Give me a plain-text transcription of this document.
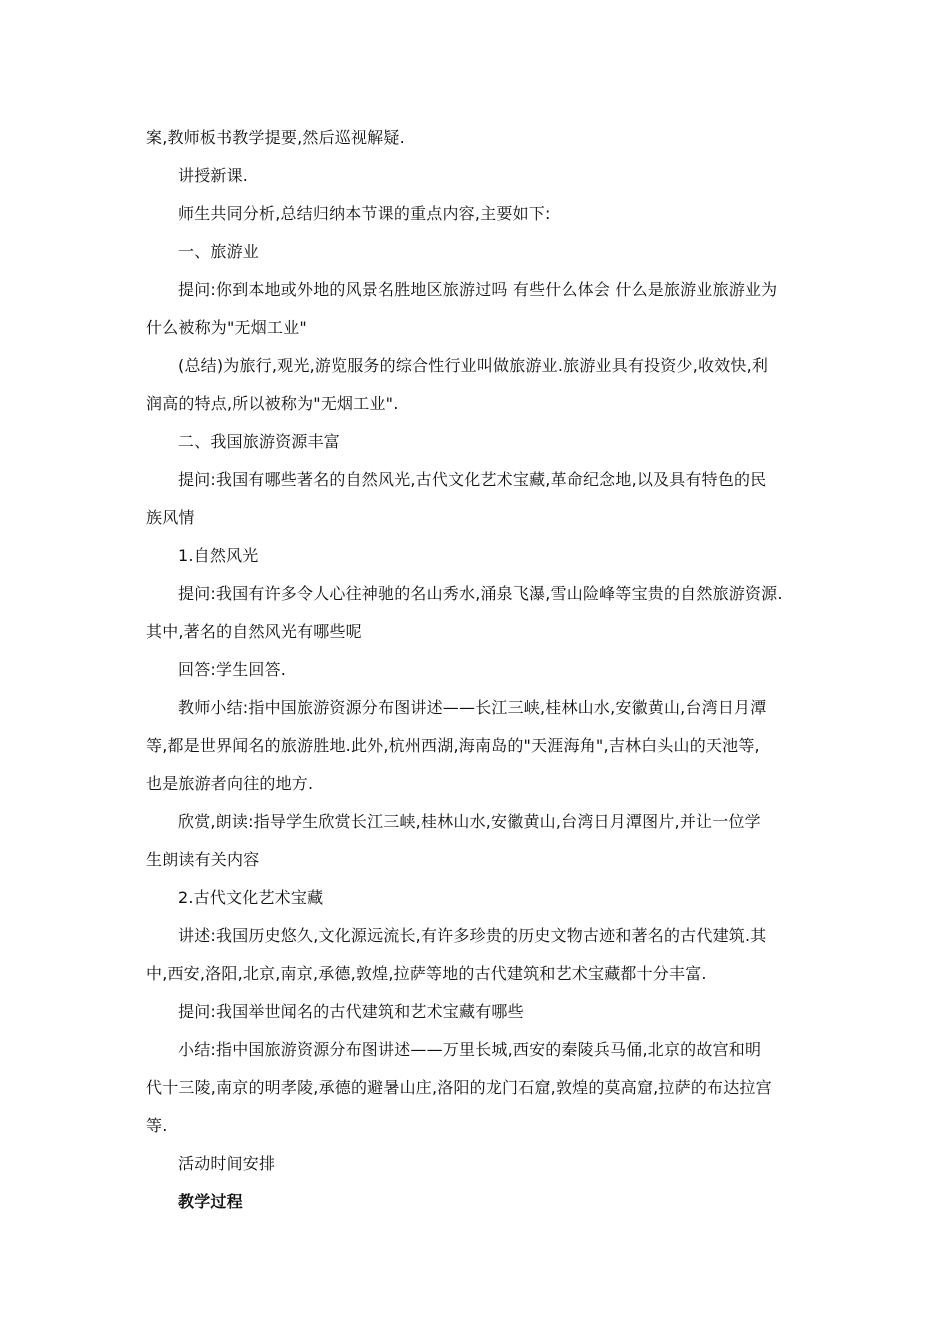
案,教师板书教学提要,然后巡视解疑.
讲授新课.
师生共同分析,总结归纳本节课的重点内容,主要如下:
一、旅游业
提问:你到本地或外地的风景名胜地区旅游过吗 有些什么体会 什么是旅游业旅游业为
什么被称为"无烟工业"
(总结)为旅行,观光,游览服务的综合性行业叫做旅游业.旅游业具有投资少,收效快,利
润高的特点,所以被称为"无烟工业".
二、我国旅游资源丰富
提问:我国有哪些著名的自然风光,古代文化艺术宝藏,革命纪念地,以及具有特色的民
族风情
1.自然风光
提问:我国有许多令人心往神驰的名山秀水,涌泉飞瀑,雪山险峰等宝贵的自然旅游资源.
其中,著名的自然风光有哪些呢
回答:学生回答.
教师小结:指中国旅游资源分布图讲述——长江三峡,桂林山水,安徽黄山,台湾日月潭
等,都是世界闻名的旅游胜地.此外,杭州西湖,海南岛的"天涯海角",吉林白头山的天池等,
也是旅游者向往的地方.
欣赏,朗读:指导学生欣赏长江三峡,桂林山水,安徽黄山,台湾日月潭图片,并让一位学
生朗读有关内容
2.古代文化艺术宝藏
讲述:我国历史悠久,文化源远流长,有许多珍贵的历史文物古迹和著名的古代建筑.其
中,西安,洛阳,北京,南京,承德,敦煌,拉萨等地的古代建筑和艺术宝藏都十分丰富.
提问:我国举世闻名的古代建筑和艺术宝藏有哪些
小结:指中国旅游资源分布图讲述——万里长城,西安的秦陵兵马俑,北京的故宫和明
代十三陵,南京的明孝陵,承德的避暑山庄,洛阳的龙门石窟,敦煌的莫高窟,拉萨的布达拉宫
等.
活动时间安排
教学过程
